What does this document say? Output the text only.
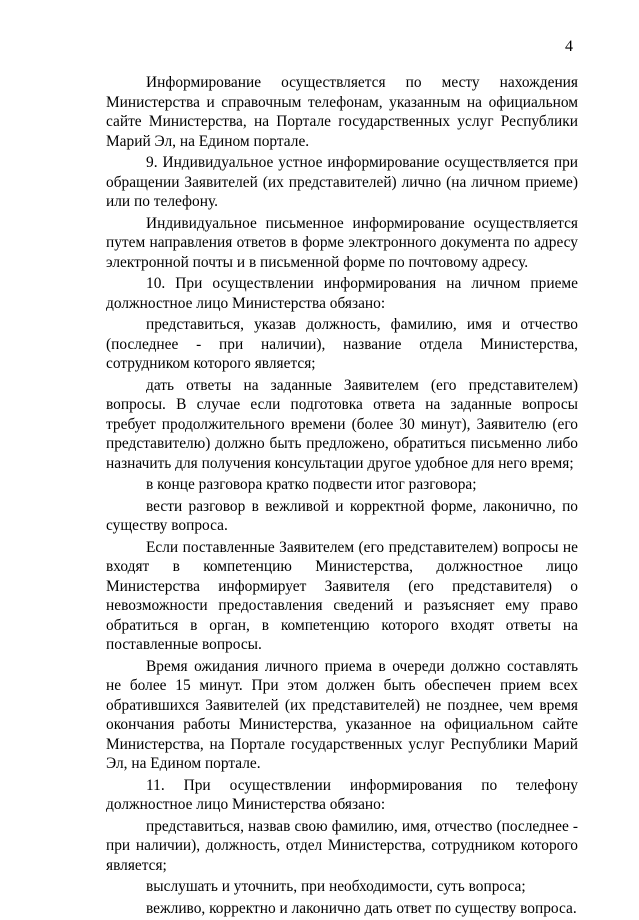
4

Информирование осуществляется по месту нахождения Министерства и справочным телефонам, указанным на официальном сайте Министерства, на Портале государственных услуг Республики Марий Эл, на Едином портале.

9. Индивидуальное устное информирование осуществляется при обращении Заявителей (их представителей) лично (на личном приеме) или по телефону.

Индивидуальное письменное информирование осуществляется путем направления ответов в форме электронного документа по адресу электронной почты и в письменной форме по почтовому адресу.

10. При осуществлении информирования на личном приеме должностное лицо Министерства обязано:

представиться, указав должность, фамилию, имя и отчество (последнее - при наличии), название отдела Министерства, сотрудником которого является;

дать ответы на заданные Заявителем (его представителем) вопросы. В случае если подготовка ответа на заданные вопросы требует продолжительного времени (более 30 минут), Заявителю (его представителю) должно быть предложено, обратиться письменно либо назначить для получения консультации другое удобное для него время;

в конце разговора кратко подвести итог разговора;

вести разговор в вежливой и корректной форме, лаконично, по существу вопроса.

Если поставленные Заявителем (его представителем) вопросы не входят в компетенцию Министерства, должностное лицо Министерства информирует Заявителя (его представителя) о невозможности предоставления сведений и разъясняет ему право обратиться в орган, в компетенцию которого входят ответы на поставленные вопросы.

Время ожидания личного приема в очереди должно составлять не более 15 минут. При этом должен быть обеспечен прием всех обратившихся Заявителей (их представителей) не позднее, чем время окончания работы Министерства, указанное на официальном сайте Министерства, на Портале государственных услуг Республики Марий Эл, на Едином портале.

11. При осуществлении информирования по телефону должностное лицо Министерства обязано:

представиться, назвав свою фамилию, имя, отчество (последнее - при наличии), должность, отдел Министерства, сотрудником которого является;

выслушать и уточнить, при необходимости, суть вопроса;

вежливо, корректно и лаконично дать ответ по существу вопроса.
